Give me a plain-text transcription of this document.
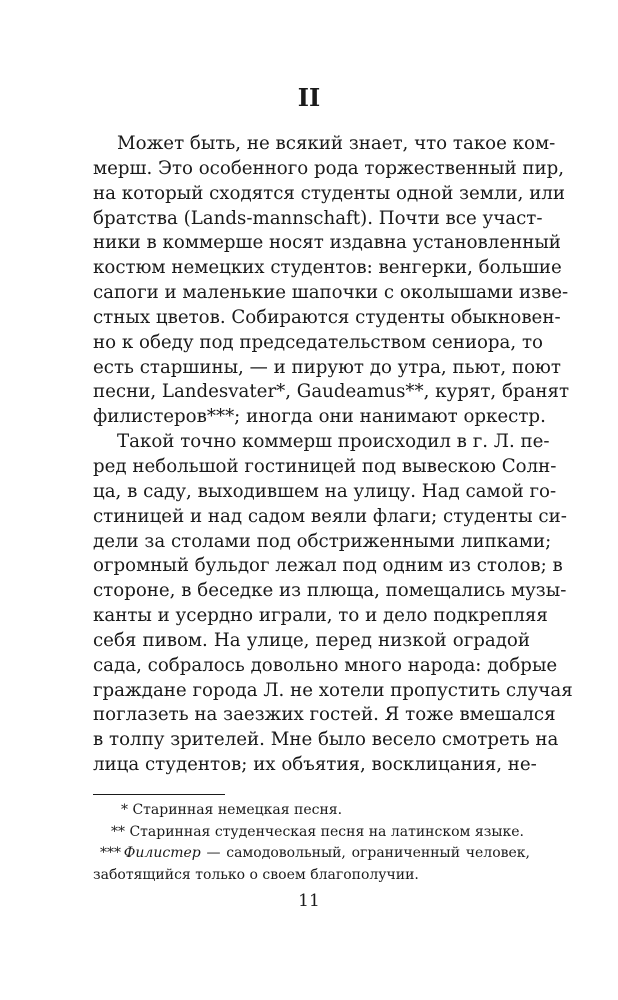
II
Может быть, не всякий знает, что такое ком-
мерш. Это особенного рода торжественный пир,
на который сходятся студенты одной земли, или
братства (Lands-mannschaft). Почти все участ-
ники в коммерше носят издавна установленный
костюм немецких студентов: венгерки, большие
сапоги и маленькие шапочки с околышами изве-
стных цветов. Собираются студенты обыкновен-
но к обеду под председательством сениора, то
есть старшины, — и пируют до утра, пьют, поют
песни, Landesvater*, Gaudeamus**, курят, бранят
филистеров***; иногда они нанимают оркестр.
Такой точно коммерш происходил в г. Л. пе-
ред небольшой гостиницей под вывескою Солн-
ца, в саду, выходившем на улицу. Над самой го-
стиницей и над садом веяли флаги; студенты си-
дели за столами под обстриженными липками;
огромный бульдог лежал под одним из столов; в
стороне, в беседке из плюща, помещались музы-
канты и усердно играли, то и дело подкрепляя
себя пивом. На улице, перед низкой оградой
сада, собралось довольно много народа: добрые
граждане города Л. не хотели пропустить случая
поглазеть на заезжих гостей. Я тоже вмешался
в толпу зрителей. Мне было весело смотреть на
лица студентов; их объятия, восклицания, не-
* Старинная немецкая песня.
** Старинная студенческая песня на латинском языке.
***  Филистер — самодовольный, ограниченный человек,
заботящийся только о своем благополучии.
11
